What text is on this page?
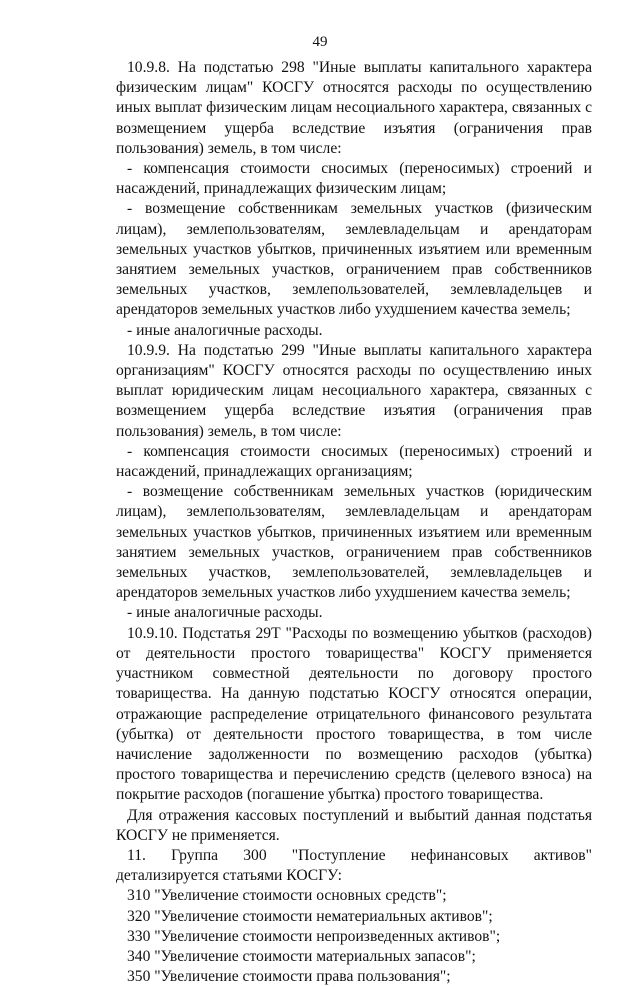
49

10.9.8. На подстатью 298 "Иные выплаты капитального характера физическим лицам" КОСГУ относятся расходы по осуществлению иных выплат физическим лицам несоциального характера, связанных с возмещением ущерба вследствие изъятия (ограничения прав пользования) земель, в том числе:

- компенсация стоимости сносимых (переносимых) строений и насаждений, принадлежащих физическим лицам;

- возмещение собственникам земельных участков (физическим лицам), землепользователям, землевладельцам и арендаторам земельных участков убытков, причиненных изъятием или временным занятием земельных участков, ограничением прав собственников земельных участков, землепользователей, землевладельцев и арендаторов земельных участков либо ухудшением качества земель;

- иные аналогичные расходы.

10.9.9. На подстатью 299 "Иные выплаты капитального характера организациям" КОСГУ относятся расходы по осуществлению иных выплат юридическим лицам несоциального характера, связанных с возмещением ущерба вследствие изъятия (ограничения прав пользования) земель, в том числе:

- компенсация стоимости сносимых (переносимых) строений и насаждений, принадлежащих организациям;

- возмещение собственникам земельных участков (юридическим лицам), землепользователям, землевладельцам и арендаторам земельных участков убытков, причиненных изъятием или временным занятием земельных участков, ограничением прав собственников земельных участков, землепользователей, землевладельцев и арендаторов земельных участков либо ухудшением качества земель;

- иные аналогичные расходы.

10.9.10. Подстатья 29Т "Расходы по возмещению убытков (расходов) от деятельности простого товарищества" КОСГУ применяется участником совместной деятельности по договору простого товарищества. На данную подстатью КОСГУ относятся операции, отражающие распределение отрицательного финансового результата (убытка) от деятельности простого товарищества, в том числе начисление задолженности по возмещению расходов (убытка) простого товарищества и перечислению средств (целевого взноса) на покрытие расходов (погашение убытка) простого товарищества.

Для отражения кассовых поступлений и выбытий данная подстатья КОСГУ не применяется.

11. Группа 300 "Поступление нефинансовых активов" детализируется статьями КОСГУ:

310 "Увеличение стоимости основных средств";

320 "Увеличение стоимости нематериальных активов";

330 "Увеличение стоимости непроизведенных активов";

340 "Увеличение стоимости материальных запасов";

350 "Увеличение стоимости права пользования";
